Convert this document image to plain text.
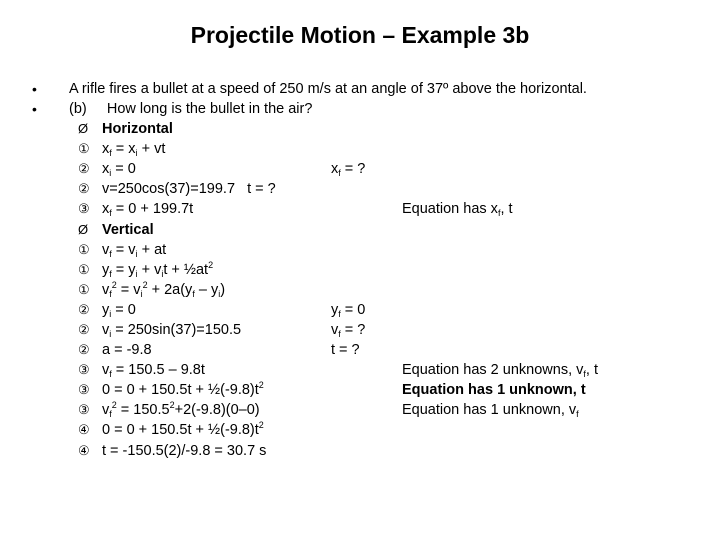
Projectile Motion – Example 3b
• A rifle fires a bullet at a speed of 250 m/s at an angle of 37º above the horizontal.
• (b)     How long is the bullet in the air?
Ø Horizontal
Ø Vertical
① $x_f = x_i$ + vt
② $x_i = 0$	$x_f$ = ?
② v=250cos(37)=199.7   t = ?
③ $x_f = 0 + 199.7t$	Equation has $x_f$, t
① $v_f = v_i$ + at
① $y_f = y_i + v_it$ + $\frac{1}{2}at^2$
① $v_f^2 = v_i^2 + 2a(y_f - y_i)$
② $y_i = 0$	$y_f = 0$
② $v_i = 250\sin(37)=150.5$	$v_f$ = ?
② a = -9.8	t = ?
③ $v_f = 150.5 - 9.8t$	Equation has 2 unknowns, $v_f$, t
③ $0 = 0 + 150.5t + \frac{1}{2}(-9.8)t^2$	Equation has 1 unknown, t
③ $v_f^2 = 150.5^2+2(-9.8)(0-0)$	Equation has 1 unknown, $v_f$
④ $0 = 0 + 150.5t + \frac{1}{2}(-9.8)t^2$
④ t = -150.5(2)/-9.8 = 30.7 s
